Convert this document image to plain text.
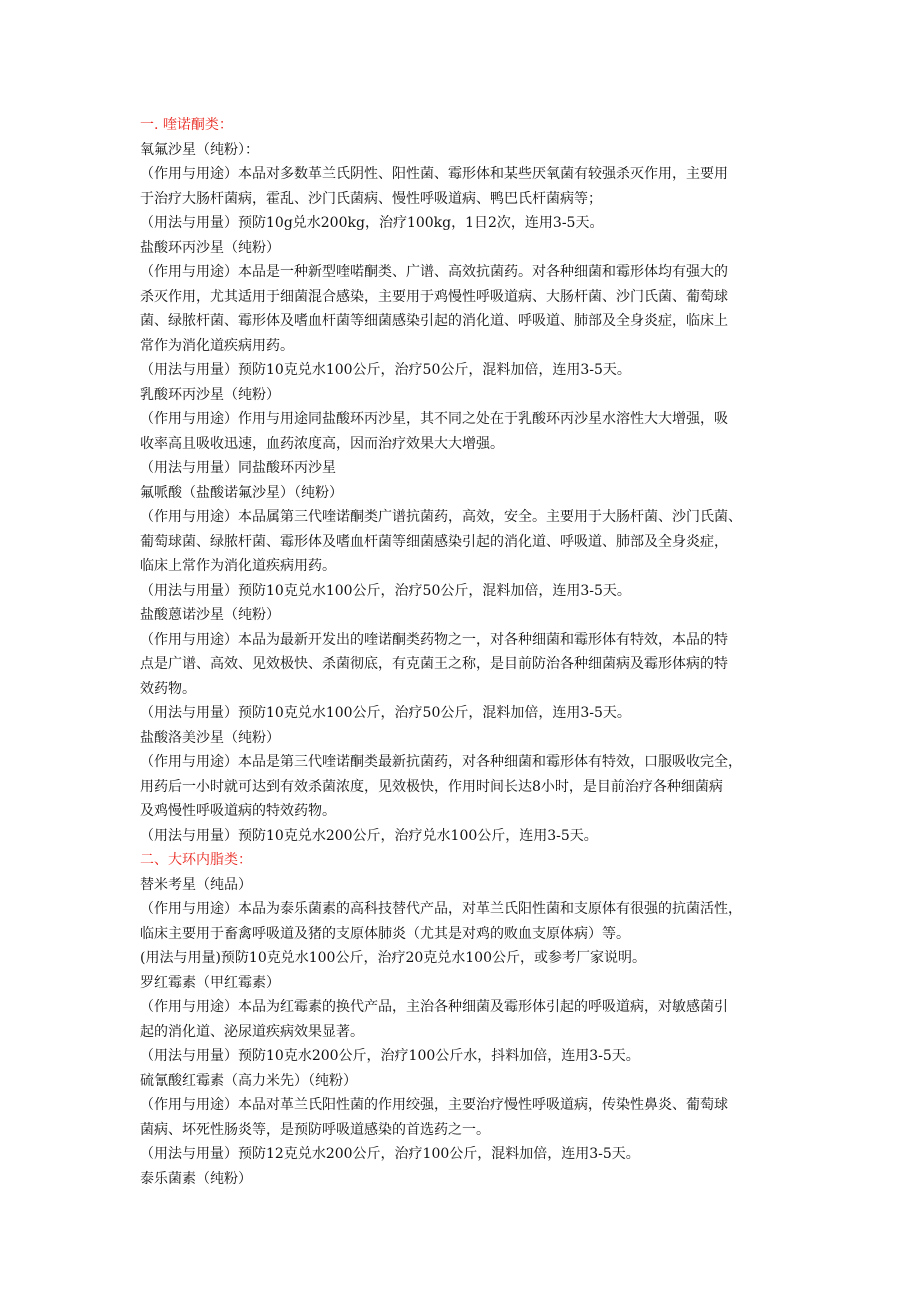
www.zixin.com.cn

一. 喹诺酮类：

氧氟沙星（纯粉）：

（作用与用途）本品对多数革兰氏阴性、阳性菌、霉形体和某些厌氧菌有较强杀灭作用，主要用

于治疗大肠杆菌病，霍乱、沙门氏菌病、慢性呼吸道病、鸭巴氏杆菌病等；

（用法与用量）预防10g兑水200kg，治疗100kg，1日2次，连用3-5天。

盐酸环丙沙星（纯粉）

（作用与用途）本品是一种新型喹喏酮类、广谱、高效抗菌药。对各种细菌和霉形体均有强大的

杀灭作用，尤其适用于细菌混合感染，主要用于鸡慢性呼吸道病、大肠杆菌、沙门氏菌、葡萄球

菌、绿脓杆菌、霉形体及嗜血杆菌等细菌感染引起的消化道、呼吸道、肺部及全身炎症，临床上

常作为消化道疾病用药。

（用法与用量）预防10克兑水100公斤，治疗50公斤，混料加倍，连用3-5天。

乳酸环丙沙星（纯粉）

（作用与用途）作用与用途同盐酸环丙沙星，其不同之处在于乳酸环丙沙星水溶性大大增强，吸

收率高且吸收迅速，血药浓度高，因而治疗效果大大增强。

（用法与用量）同盐酸环丙沙星

氟哌酸（盐酸诺氟沙星）（纯粉）

（作用与用途）本品属第三代喹诺酮类广谱抗菌药，高效，安全。主要用于大肠杆菌、沙门氏菌、

葡萄球菌、绿脓杆菌、霉形体及嗜血杆菌等细菌感染引起的消化道、呼吸道、肺部及全身炎症，

临床上常作为消化道疾病用药。

（用法与用量）预防10克兑水100公斤，治疗50公斤，混料加倍，连用3-5天。

盐酸蒽诺沙星（纯粉）

（作用与用途）本品为最新开发出的喹诺酮类药物之一，对各种细菌和霉形体有特效，本品的特

点是广谱、高效、见效极快、杀菌彻底，有克菌王之称，是目前防治各种细菌病及霉形体病的特

效药物。

（用法与用量）预防10克兑水100公斤，治疗50公斤，混料加倍，连用3-5天。

盐酸洛美沙星（纯粉）

（作用与用途）本品是第三代喹诺酮类最新抗菌药，对各种细菌和霉形体有特效，口服吸收完全，

用药后一小时就可达到有效杀菌浓度，见效极快，作用时间长达8小时，是目前治疗各种细菌病

及鸡慢性呼吸道病的特效药物。

（用法与用量）预防10克兑水200公斤，治疗兑水100公斤，连用3-5天。

二、大环内脂类：

替米考星（纯品）

（作用与用途）本品为泰乐菌素的高科技替代产品，对革兰氏阳性菌和支原体有很强的抗菌活性，

临床主要用于畜禽呼吸道及猪的支原体肺炎（尤其是对鸡的败血支原体病）等。

(用法与用量)预防10克兑水100公斤，治疗20克兑水100公斤，或参考厂家说明。

罗红霉素（甲红霉素）

（作用与用途）本品为红霉素的换代产品，主治各种细菌及霉形体引起的呼吸道病，对敏感菌引

起的消化道、泌尿道疾病效果显著。

（用法与用量）预防10克水200公斤，治疗100公斤水，抖料加倍，连用3-5天。

硫氰酸红霉素（高力米先）（纯粉）

（作用与用途）本品对革兰氏阳性菌的作用绞强，主要治疗慢性呼吸道病，传染性鼻炎、葡萄球

菌病、坏死性肠炎等，是预防呼吸道感染的首选药之一。

（用法与用量）预防12克兑水200公斤，治疗100公斤，混料加倍，连用3-5天。

泰乐菌素（纯粉）
